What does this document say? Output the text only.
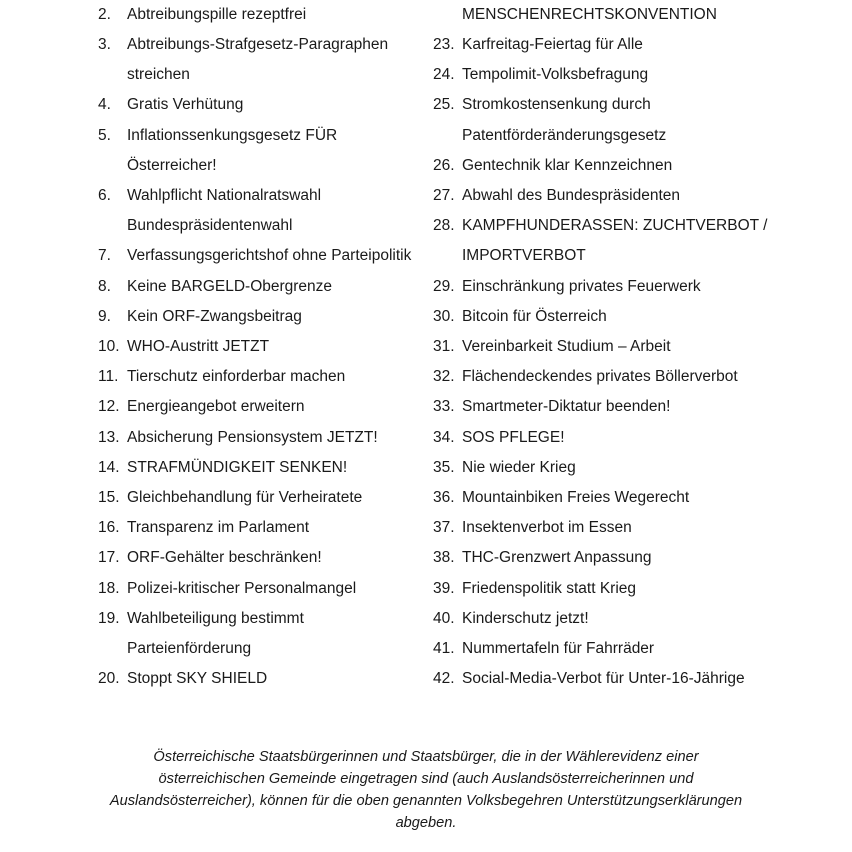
2.	Abtreibungspille rezeptfrei
3.	Abtreibungs-Strafgesetz-Paragraphen streichen
4.	Gratis Verhütung
5.	Inflationssenkungsgesetz FÜR Österreicher!
6.	Wahlpflicht Nationalratswahl Bundespräsidentenwahl
7.	Verfassungsgerichtshof ohne Parteipolitik
8.	Keine BARGELD-Obergrenze
9.	Kein ORF-Zwangsbeitrag
10. WHO-Austritt JETZT
11. Tierschutz einforderbar machen
12. Energieangebot erweitern
13. Absicherung Pensionsystem JETZT!
14. STRAFMÜNDIGKEIT SENKEN!
15. Gleichbehandlung für Verheiratete
16. Transparenz im Parlament
17. ORF-Gehälter beschränken!
18. Polizei-kritischer Personalmangel
19. Wahlbeteiligung bestimmt Parteienförderung
20. Stoppt SKY SHIELD
MENSCHENRECHTSKONVENTION
23. Karfreitag-Feiertag für Alle
24. Tempolimit-Volksbefragung
25. Stromkostensenkung durch Patentförderänderungsgesetz
26. Gentechnik klar Kennzeichnen
27. Abwahl des Bundespräsidenten
28. KAMPFHUNDERASSEN: ZUCHTVERBOT / IMPORTVERBOT
29. Einschränkung privates Feuerwerk
30. Bitcoin für Österreich
31. Vereinbarkeit Studium – Arbeit
32. Flächendeckendes privates Böllerverbot
33. Smartmeter-Diktatur beenden!
34. SOS PFLEGE!
35. Nie wieder Krieg
36. Mountainbiken Freies Wegerecht
37. Insektenverbot im Essen
38. THC-Grenzwert Anpassung
39. Friedenspolitik statt Krieg
40. Kinderschutz jetzt!
41. Nummertafeln für Fahrräder
42. Social-Media-Verbot für Unter-16-Jährige

Österreichische Staatsbürgerinnen und Staatsbürger, die in der Wählerevidenz einer österreichischen Gemeinde eingetragen sind (auch Auslandsösterreicherinnen und Auslandsösterreicher), können für die oben genannten Volksbegehren Unterstützungserklärungen abgeben.
